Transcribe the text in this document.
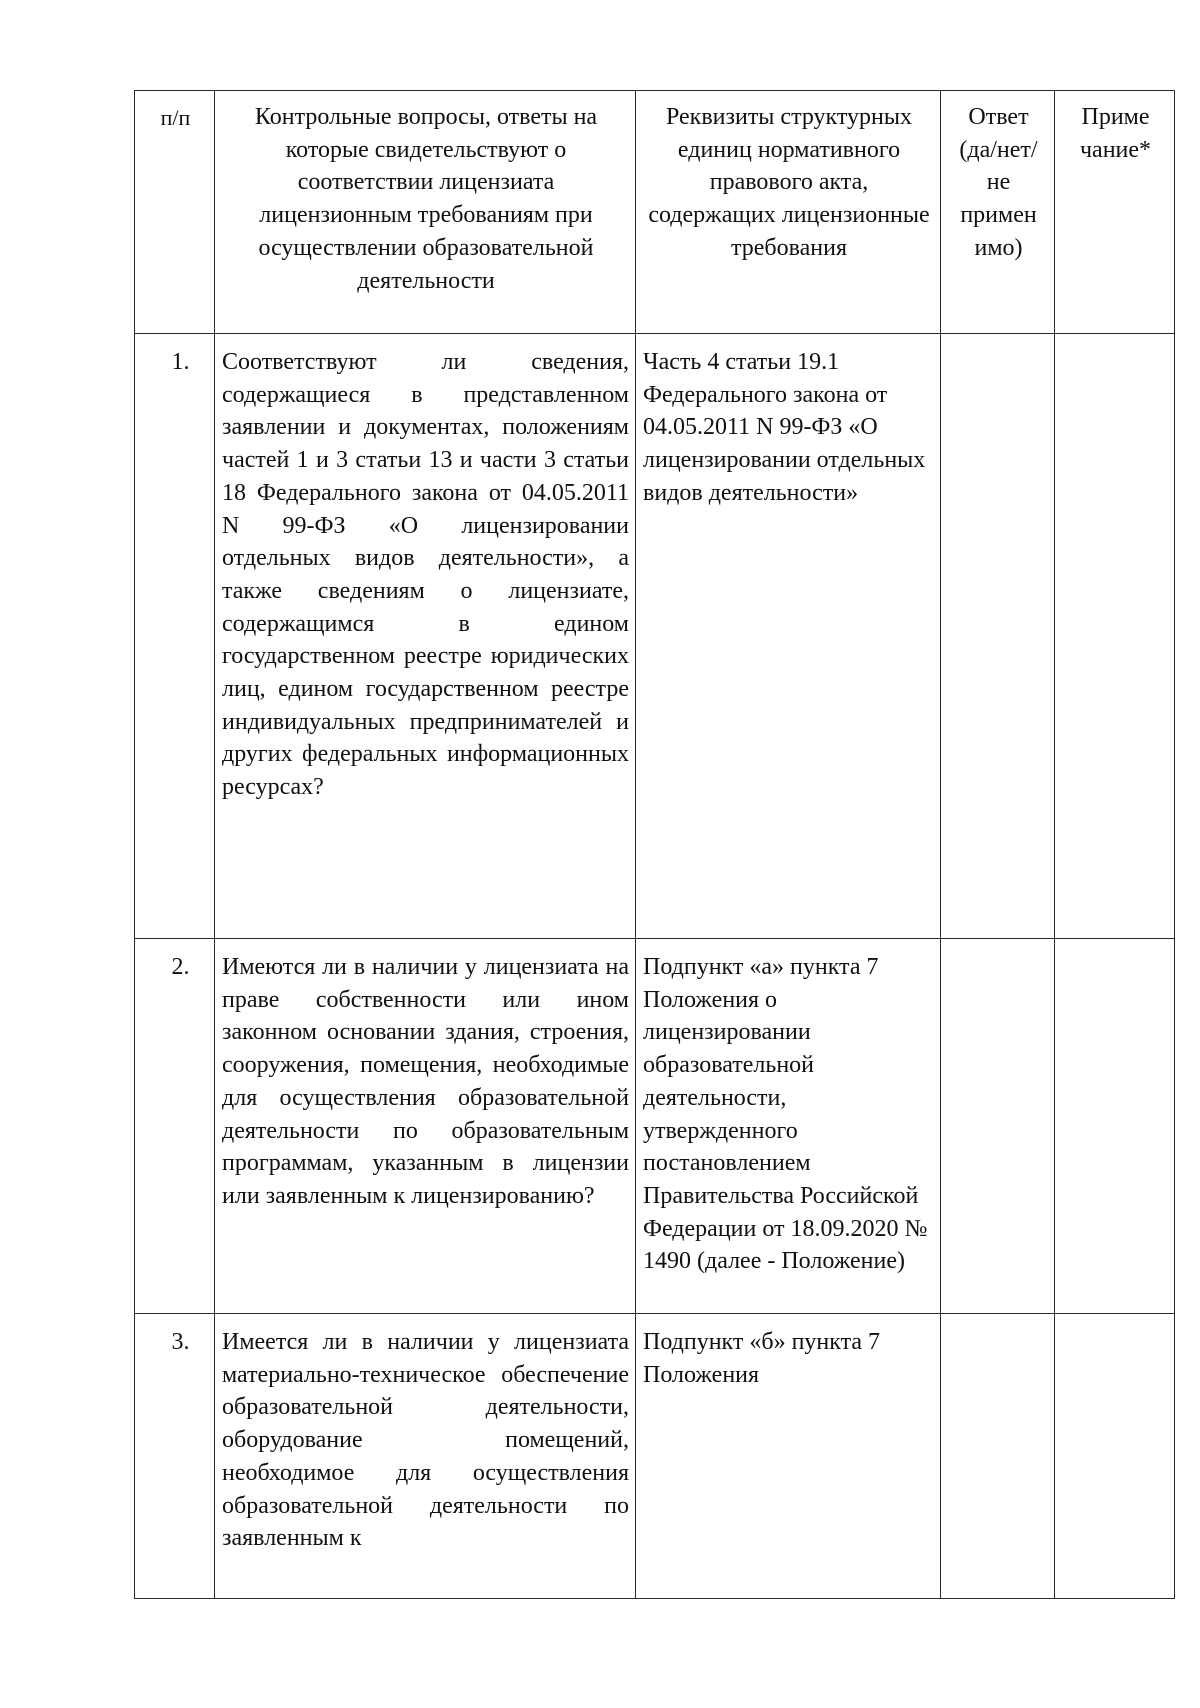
п/п	Контрольные вопросы, ответы на которые свидетельствуют о соответствии лицензиата лицензионным требованиям при осуществлении образовательной деятельности	Реквизиты структурных единиц нормативного правового акта, содержащих лицензионные требования	Ответ (да/нет/ не примен имо)	Приме чание*

1.	Соответствуют ли сведения, содержащиеся в представленном заявлении и документах, положениям частей 1 и 3 статьи 13 и части 3 статьи 18 Федерального закона от 04.05.2011 N 99-ФЗ «О лицензировании отдельных видов деятельности», а также сведениям о лицензиате, содержащимся в едином государственном реестре юридических лиц, едином государственном реестре индивидуальных предпринимателей и других федеральных информационных ресурсах?	Часть 4 статьи 19.1 Федерального закона от 04.05.2011 N 99-ФЗ «О лицензировании отдельных видов деятельности»		

2.	Имеются ли в наличии у лицензиата на праве собственности или ином законном основании здания, строения, сооружения, помещения, необходимые для осуществления образовательной деятельности по образовательным программам, указанным в лицензии или заявленным к лицензированию?	Подпункт «а» пункта 7 Положения о лицензировании образовательной деятельности, утвержденного постановлением Правительства Российской Федерации от 18.09.2020 № 1490 (далее - Положение)		

3.	Имеется ли в наличии у лицензиата материально-техническое обеспечение образовательной деятельности, оборудование помещений, необходимое для осуществления образовательной деятельности по заявленным к	Подпункт «б» пункта 7 Положения		
